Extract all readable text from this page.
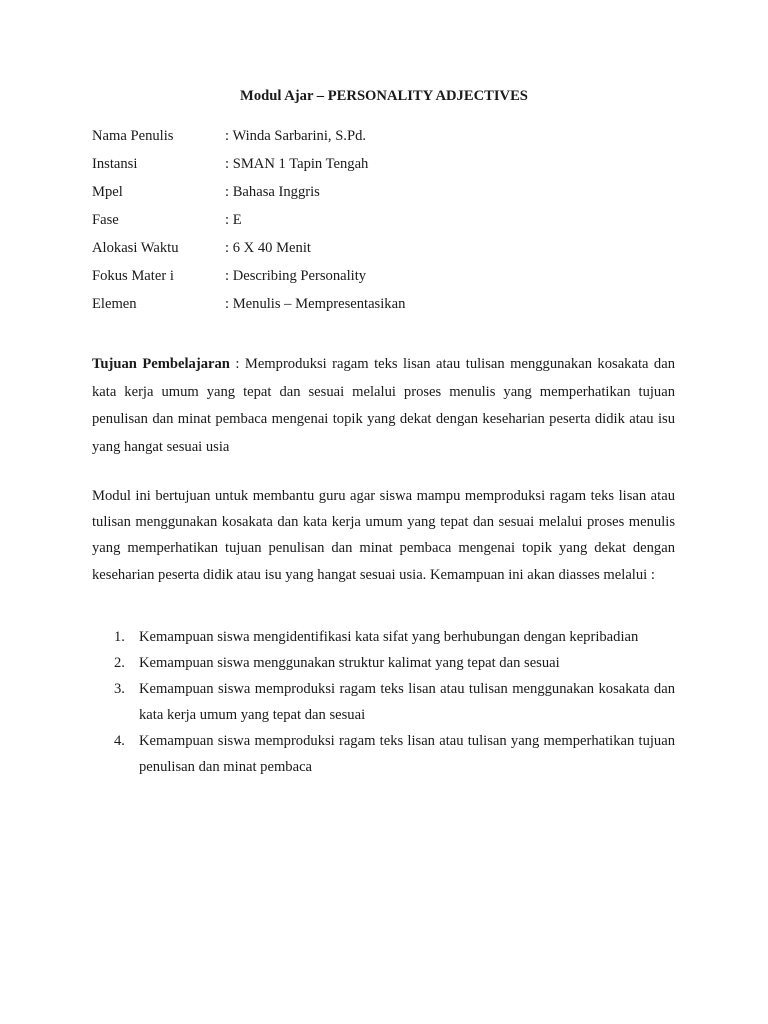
Modul Ajar – PERSONALITY ADJECTIVES
Nama Penulis	: Winda Sarbarini, S.Pd.
Instansi	: SMAN 1 Tapin Tengah
Mpel	: Bahasa Inggris
Fase	: E
Alokasi Waktu	: 6 X 40 Menit
Fokus Mater i	: Describing Personality
Elemen	: Menulis – Mempresentasikan
Tujuan Pembelajaran : Memproduksi ragam teks lisan atau tulisan menggunakan kosakata dan kata kerja umum yang tepat dan sesuai melalui proses menulis yang memperhatikan tujuan penulisan dan minat pembaca mengenai topik yang dekat dengan keseharian peserta didik atau isu yang hangat sesuai usia
Modul ini bertujuan untuk membantu guru agar siswa mampu memproduksi ragam teks lisan atau tulisan menggunakan kosakata dan kata kerja umum yang tepat dan sesuai melalui proses menulis yang memperhatikan tujuan penulisan dan minat pembaca mengenai topik yang dekat dengan keseharian peserta didik atau isu yang hangat sesuai usia. Kemampuan ini akan diasses melalui :
1. Kemampuan siswa mengidentifikasi kata sifat yang berhubungan dengan kepribadian
2. Kemampuan siswa menggunakan struktur kalimat yang tepat dan sesuai
3. Kemampuan siswa memproduksi ragam teks lisan atau tulisan menggunakan kosakata dan kata kerja umum yang tepat dan sesuai
4. Kemampuan siswa memproduksi ragam teks lisan atau tulisan yang memperhatikan tujuan penulisan dan minat pembaca
